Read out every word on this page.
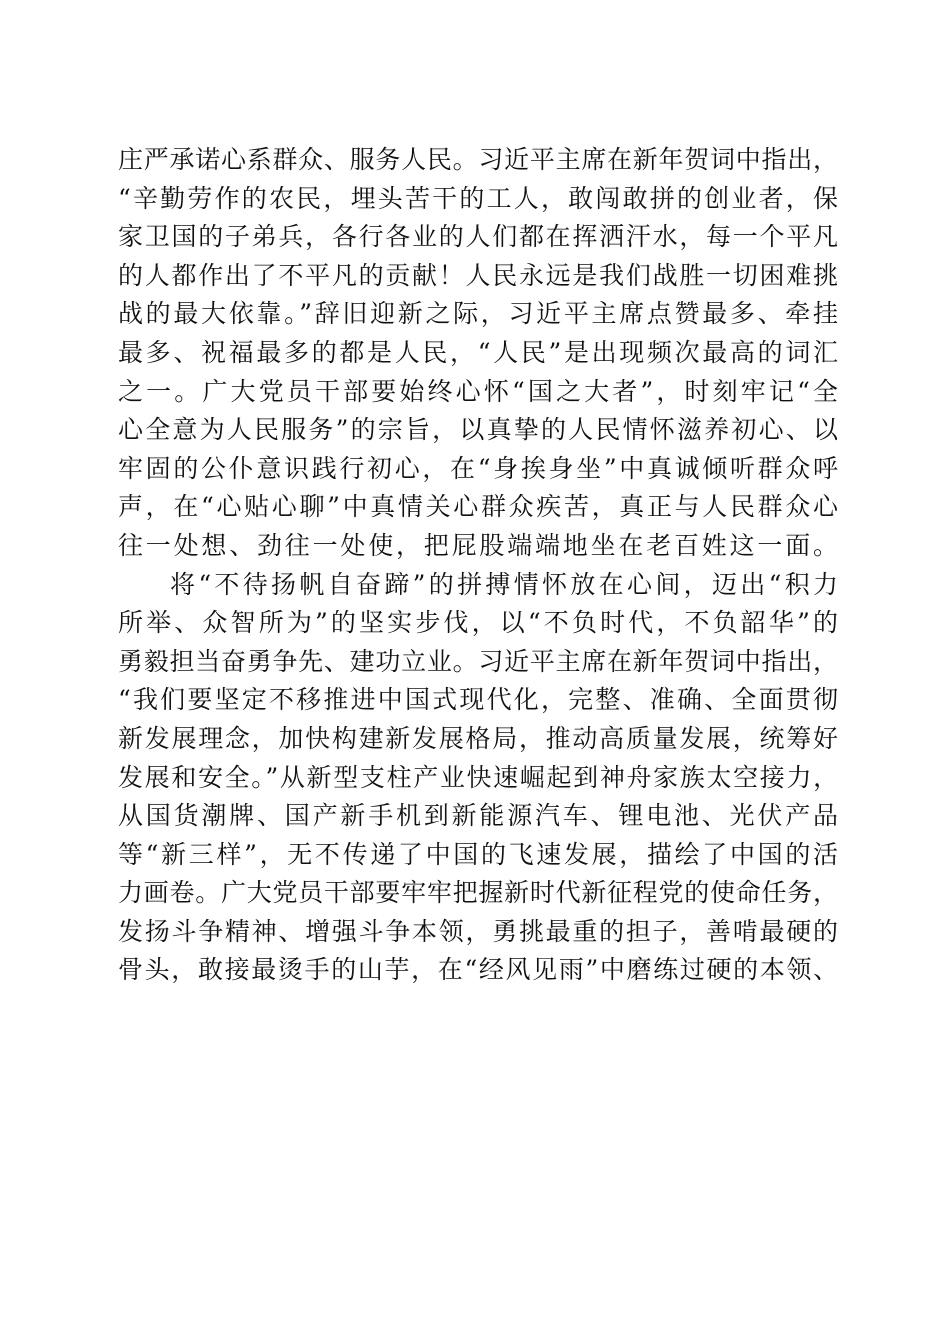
庄严承诺心系群众、服务人民。习近平主席在新年贺词中指出，
“辛勤劳作的农民，埋头苦干的工人，敢闯敢拼的创业者，保
家卫国的子弟兵，各行各业的人们都在挥洒汗水，每一个平凡
的人都作出了不平凡的贡献！人民永远是我们战胜一切困难挑
战的最大依靠。”辞旧迎新之际，习近平主席点赞最多、牵挂
最多、祝福最多的都是人民，“人民”是出现频次最高的词汇
之一。广大党员干部要始终心怀“国之大者”，时刻牢记“全
心全意为人民服务”的宗旨，以真挚的人民情怀滋养初心、以
牢固的公仆意识践行初心，在“身挨身坐”中真诚倾听群众呼
声，在“心贴心聊”中真情关心群众疾苦，真正与人民群众心
往一处想、劲往一处使，把屁股端端地坐在老百姓这一面。
将“不待扬帆自奋蹄”的拼搏情怀放在心间，迈出“积力
所举、众智所为”的坚实步伐，以“不负时代，不负韶华”的
勇毅担当奋勇争先、建功立业。习近平主席在新年贺词中指出，
“我们要坚定不移推进中国式现代化，完整、准确、全面贯彻
新发展理念，加快构建新发展格局，推动高质量发展，统筹好
发展和安全。”从新型支柱产业快速崛起到神舟家族太空接力，
从国货潮牌、国产新手机到新能源汽车、锂电池、光伏产品
等“新三样”，无不传递了中国的飞速发展，描绘了中国的活
力画卷。广大党员干部要牢牢把握新时代新征程党的使命任务，
发扬斗争精神、增强斗争本领，勇挑最重的担子，善啃最硬的
骨头，敢接最烫手的山芋，在“经风见雨”中磨练过硬的本领、
